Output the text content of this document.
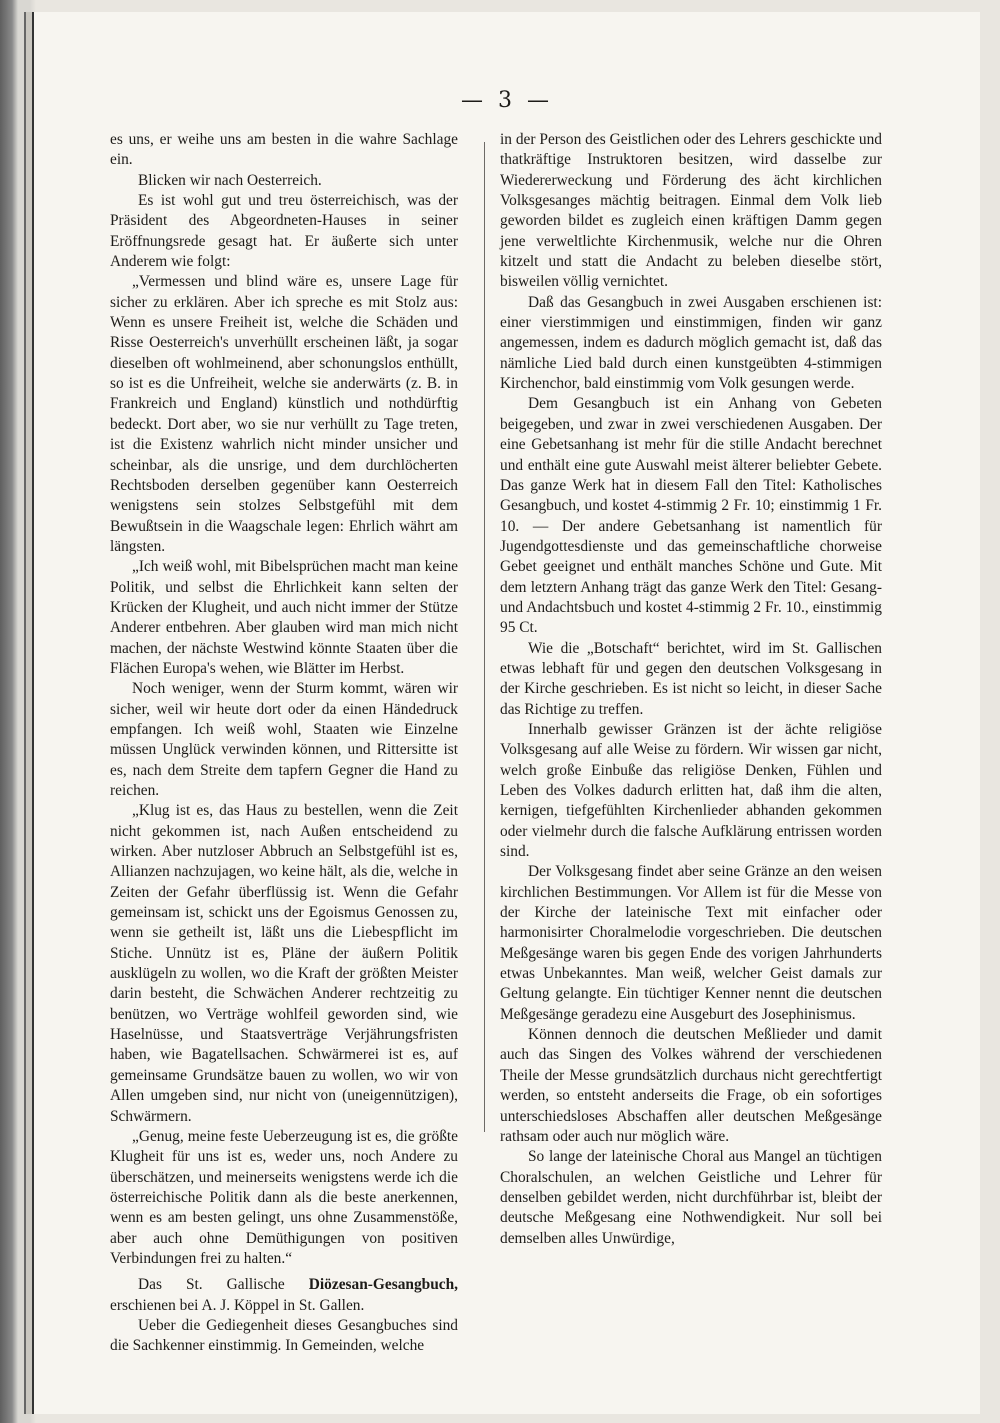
— 3 —

es uns, er weihe uns am besten in die wahre Sachlage ein.

Blicken wir nach Oesterreich.

Es ist wohl gut und treu österreichisch, was der Präsident des Abgeordneten-Hauses in seiner Eröffnungsrede gesagt hat. Er äußerte sich unter Anderem wie folgt:

„Vermessen und blind wäre es, unsere Lage für sicher zu erklären. Aber ich spreche es mit Stolz aus: Wenn es unsere Freiheit ist, welche die Schäden und Risse Oesterreich's unverhüllt erscheinen läßt, ja sogar dieselben oft wohlmeinend, aber schonungslos enthüllt, so ist es die Unfreiheit, welche sie anderwärts (z. B. in Frankreich und England) künstlich und nothdürftig bedeckt. Dort aber, wo sie nur verhüllt zu Tage treten, ist die Existenz wahrlich nicht minder unsicher und scheinbar, als die unsrige, und dem durchlöcherten Rechtsboden derselben gegenüber kann Oesterreich wenigstens sein stolzes Selbstgefühl mit dem Bewußtsein in die Waagschale legen: Ehrlich währt am längsten.

„Ich weiß wohl, mit Bibelsprüchen macht man keine Politik, und selbst die Ehrlichkeit kann selten der Krücken der Klugheit, und auch nicht immer der Stütze Anderer entbehren. Aber glauben wird man mich nicht machen, der nächste Westwind könnte Staaten über die Flächen Europa's wehen, wie Blätter im Herbst.

Noch weniger, wenn der Sturm kommt, wären wir sicher, weil wir heute dort oder da einen Händedruck empfangen. Ich weiß wohl, Staaten wie Einzelne müssen Unglück verwinden können, und Rittersitte ist es, nach dem Streite dem tapfern Gegner die Hand zu reichen.

„Klug ist es, das Haus zu bestellen, wenn die Zeit nicht gekommen ist, nach Außen entscheidend zu wirken. Aber nutzloser Abbruch an Selbstgefühl ist es, Allianzen nachzujagen, wo keine hält, als die, welche in Zeiten der Gefahr überflüssig ist. Wenn die Gefahr gemeinsam ist, schickt uns der Egoismus Genossen zu, wenn sie getheilt ist, läßt uns die Liebespflicht im Stiche. Unnütz ist es, Pläne der äußern Politik ausklügeln zu wollen, wo die Kraft der größten Meister darin besteht, die Schwächen Anderer rechtzeitig zu benützen, wo Verträge wohlfeil geworden sind, wie Haselnüsse, und Staatsverträge Verjährungsfristen haben, wie Bagatellsachen. Schwärmerei ist es, auf gemeinsame Grundsätze bauen zu wollen, wo wir von Allen umgeben sind, nur nicht von (uneigennützigen), Schwärmern.

„Genug, meine feste Ueberzeugung ist es, die größte Klugheit für uns ist es, weder uns, noch Andere zu überschätzen, und meinerseits wenigstens werde ich die österreichische Politik dann als die beste anerkennen, wenn es am besten gelingt, uns ohne Zusammenstöße, aber auch ohne Demüthigungen von positiven Verbindungen frei zu halten.“

Das St. Gallische Diözesan-Gesangbuch, erschienen bei A. J. Köppel in St. Gallen.

Ueber die Gediegenheit dieses Gesangbuches sind die Sachkenner einstimmig. In Gemeinden, welche

in der Person des Geistlichen oder des Lehrers geschickte und thatkräftige Instruktoren besitzen, wird dasselbe zur Wiedererweckung und Förderung des ächt kirchlichen Volksgesanges mächtig beitragen. Einmal dem Volk lieb geworden bildet es zugleich einen kräftigen Damm gegen jene verweltlichte Kirchenmusik, welche nur die Ohren kitzelt und statt die Andacht zu beleben dieselbe stört, bisweilen völlig vernichtet.

Daß das Gesangbuch in zwei Ausgaben erschienen ist: einer vierstimmigen und einstimmigen, finden wir ganz angemessen, indem es dadurch möglich gemacht ist, daß das nämliche Lied bald durch einen kunstgeübten 4-stimmigen Kirchenchor, bald einstimmig vom Volk gesungen werde.

Dem Gesangbuch ist ein Anhang von Gebeten beigegeben, und zwar in zwei verschiedenen Ausgaben. Der eine Gebetsanhang ist mehr für die stille Andacht berechnet und enthält eine gute Auswahl meist älterer beliebter Gebete. Das ganze Werk hat in diesem Fall den Titel: Katholisches Gesangbuch, und kostet 4-stimmig 2 Fr. 10; einstimmig 1 Fr. 10. — Der andere Gebetsanhang ist namentlich für Jugendgottesdienste und das gemeinschaftliche chorweise Gebet geeignet und enthält manches Schöne und Gute. Mit dem letztern Anhang trägt das ganze Werk den Titel: Gesang- und Andachtsbuch und kostet 4-stimmig 2 Fr. 10., einstimmig 95 Ct.

Wie die „Botschaft“ berichtet, wird im St. Gallischen etwas lebhaft für und gegen den deutschen Volksgesang in der Kirche geschrieben. Es ist nicht so leicht, in dieser Sache das Richtige zu treffen.

Innerhalb gewisser Gränzen ist der ächte religiöse Volksgesang auf alle Weise zu fördern. Wir wissen gar nicht, welch große Einbuße das religiöse Denken, Fühlen und Leben des Volkes dadurch erlitten hat, daß ihm die alten, kernigen, tiefgefühlten Kirchenlieder abhanden gekommen oder vielmehr durch die falsche Aufklärung entrissen worden sind.

Der Volksgesang findet aber seine Gränze an den weisen kirchlichen Bestimmungen. Vor Allem ist für die Messe von der Kirche der lateinische Text mit einfacher oder harmonisirter Choralmelodie vorgeschrieben. Die deutschen Meßgesänge waren bis gegen Ende des vorigen Jahrhunderts etwas Unbekanntes. Man weiß, welcher Geist damals zur Geltung gelangte. Ein tüchtiger Kenner nennt die deutschen Meßgesänge geradezu eine Ausgeburt des Josephinismus.

Können dennoch die deutschen Meßlieder und damit auch das Singen des Volkes während der verschiedenen Theile der Messe grundsätzlich durchaus nicht gerechtfertigt werden, so entsteht anderseits die Frage, ob ein sofortiges unterschiedsloses Abschaffen aller deutschen Meßgesänge rathsam oder auch nur möglich wäre.

So lange der lateinische Choral aus Mangel an tüchtigen Choralschulen, an welchen Geistliche und Lehrer für denselben gebildet werden, nicht durchführbar ist, bleibt der deutsche Meßgesang eine Nothwendigkeit. Nur soll bei demselben alles Unwürdige,
